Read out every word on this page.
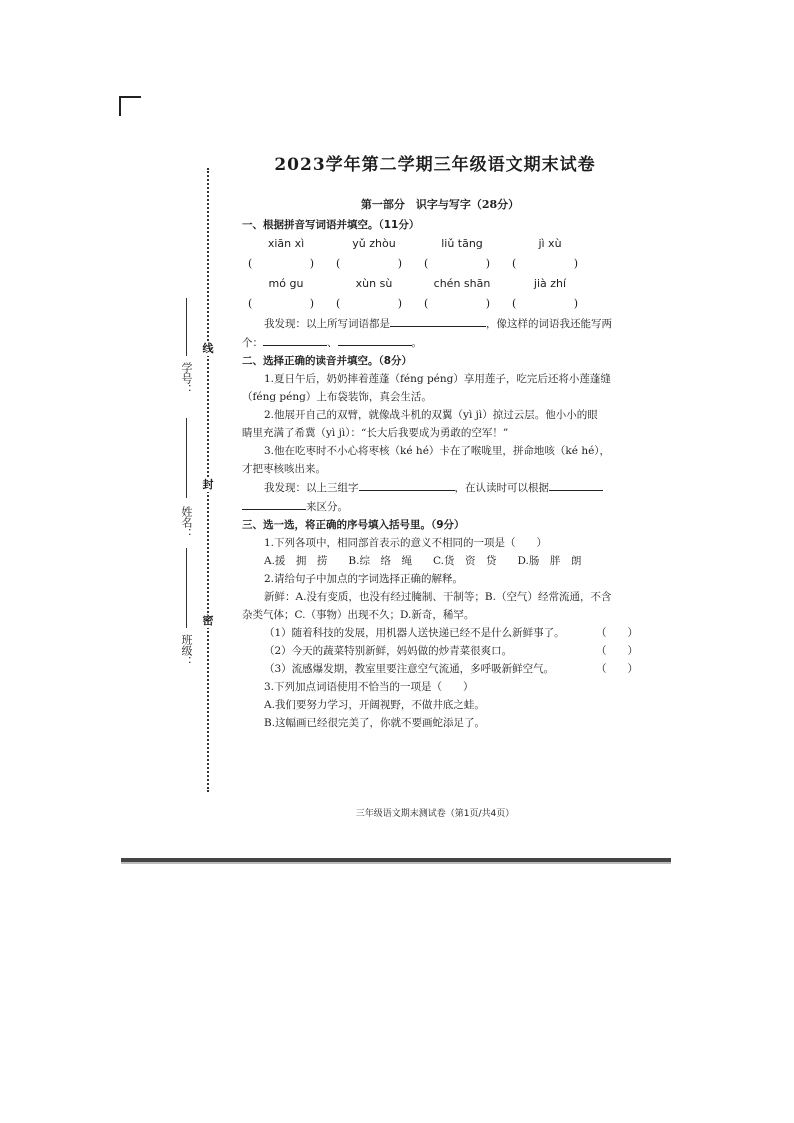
线
封
密
学号：
姓名：
班级：
2023学年第二学期三年级语文期末试卷
第一部分　识字与写字（28分）
一、根据拼音写词语并填空。（11分）
xiān xì	yǔ zhòu	liǔ tāng	jì xù
(	) (	) (	) (	)
mó gu	xùn sù	chén shān	jià zhí
(	) (	) (	) (	)
我发现：以上所写词语都是	，像这样的词语我还能写两
个：	、	。
二、选择正确的读音并填空。（8分）
1.夏日午后，奶奶摔着莲蓬（féng péng）享用莲子，吃完后还将小莲蓬缝
（féng péng）上布袋装饰，真会生活。
2.他展开自己的双臂，就像战斗机的双翼（yì jì）掠过云层。他小小的眼
睛里充满了希冀（yì jì）：“长大后我要成为勇敢的空军！”
3.他在吃枣时不小心将枣核（ké hé）卡在了喉咙里，拼命地咳（ké hé），
才把枣核咳出来。
我发现：以上三组字	，在认读时可以根据
来区分。
三、选一选，将正确的序号填入括号里。（9分）
1.下列各项中，相同部首表示的意义不相同的一项是（　　）
A.援　拥　捞　　B.综　络　绳　　C.货　资　贷　　D.肠　胖　朗
2.请给句子中加点的字词选择正确的解释。
新鲜：A.没有变质，也没有经过腌制、干制等；B.（空气）经常流通，不含
杂类气体；C.（事物）出现不久；D.新奇，稀罕。
（1）随着科技的发展，用机器人送快递已经不是什么新鲜事了。	（　　）
（2）今天的蔬菜特别新鲜，妈妈做的炒青菜很爽口。	（　　）
（3）流感爆发期，教室里要注意空气流通，多呼吸新鲜空气。	（　　）
3.下列加点词语使用不恰当的一项是（　　）
A.我们要努力学习，开阔视野，不做井底之蛙。
B.这幅画已经很完美了，你就不要画蛇添足了。
三年级语文期末测试卷（第1页/共4页）
